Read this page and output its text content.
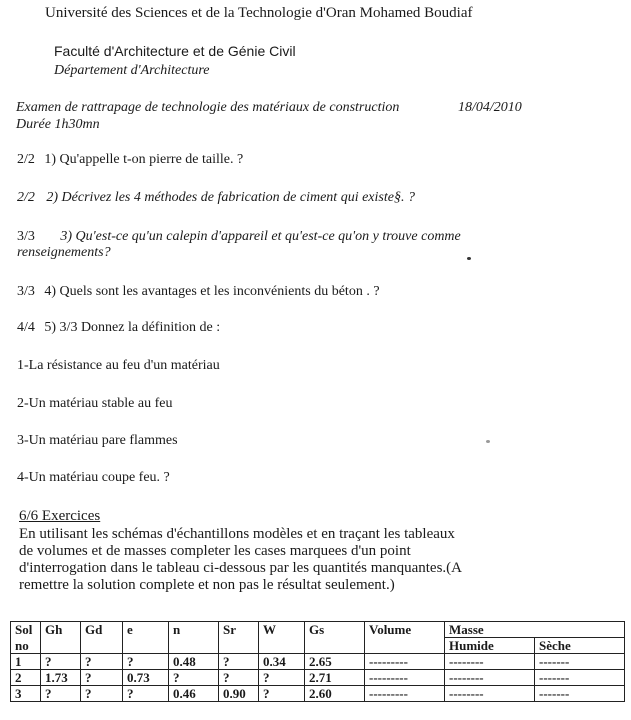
Université des Sciences et de la Technologie d'Oran Mohamed Boudiaf
Faculté d'Architecture et de Génie Civil
Département d'Architecture
Examen de rattrapage de technologie des matériaux de construction	18/04/2010
Durée 1h30mn
2/2 1) Qu'appelle t-on pierre de taille. ?
2/2 2) Décrivez les 4 méthodes de fabrication de ciment qui existe§. ?
3/3 3) Qu'est-ce qu'un calepin d'appareil et qu'est-ce qu'on y trouve comme
renseignements?
3/3 4) Quels sont les avantages et les inconvénients du béton . ?
4/4 5) 3/3 Donnez la définition de :
1-La résistance au feu d'un matériau
2-Un matériau stable au feu
3-Un matériau pare flammes
4-Un matériau coupe feu. ?
6/6 Exercices
En utilisant les schémas d'échantillons modèles et en traçant les tableaux
de volumes et de masses completer les cases marquees d'un point
d'interrogation dans le tableau ci-dessous par les quantités manquantes.(A
remettre la solution complete et non pas le résultat seulement.)
Sol	Gh	Gd	e	n	Sr	W	Gs	Volume	Masse	
no									Humide	Sèche
1	?	?	?	0.48	?	0.34	2.65	---------	--------	-------
2	1.73	?	0.73	?	?	?	2.71	---------	--------	-------
3	?	?	?	0.46	0.90	?	2.60	---------	--------	-------
